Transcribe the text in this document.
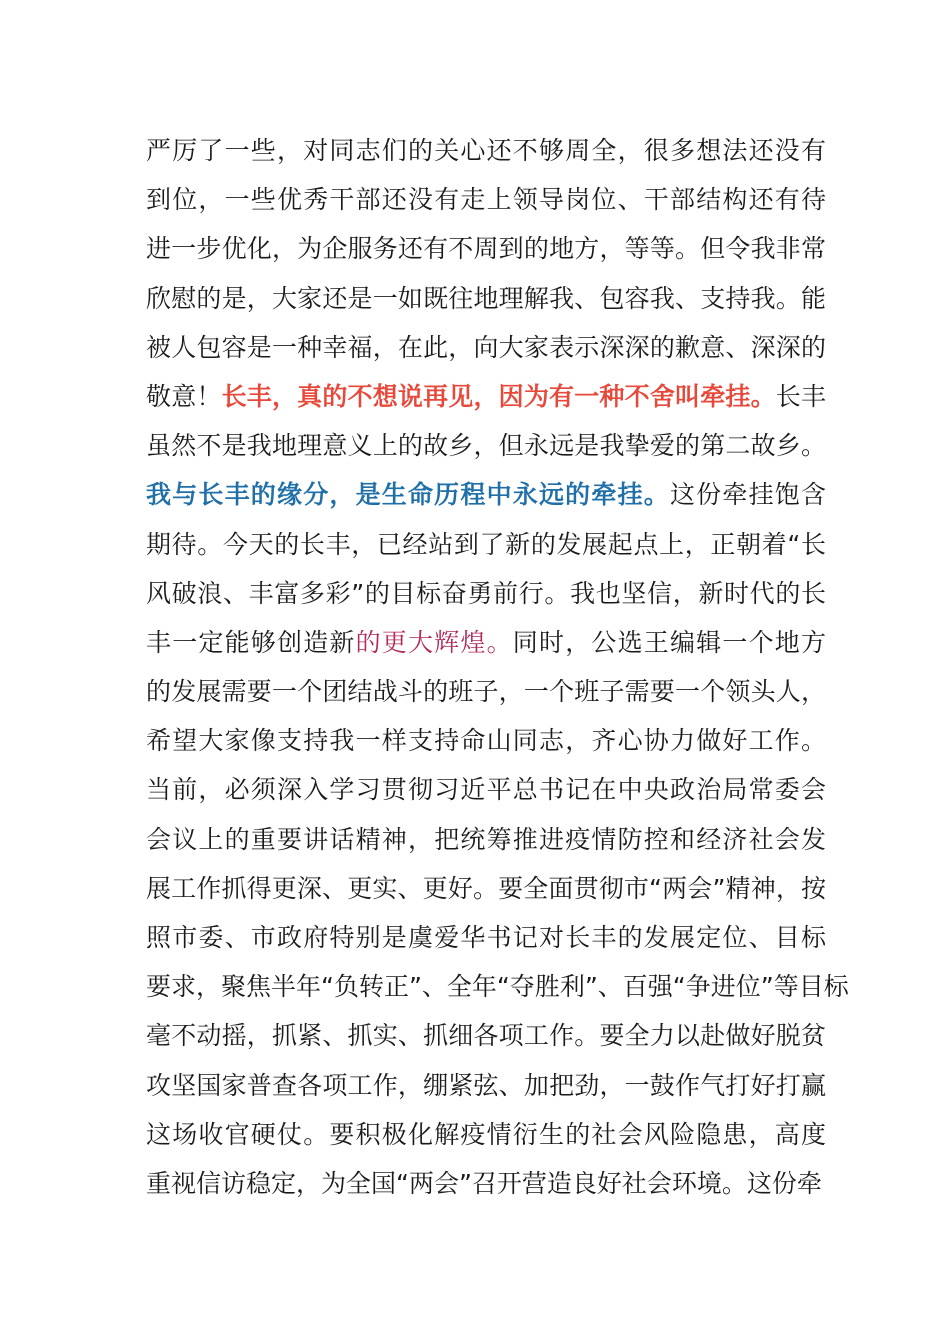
严厉了一些，对同志们的关心还不够周全，很多想法还没有
到位，一些优秀干部还没有走上领导岗位、干部结构还有待
进一步优化，为企服务还有不周到的地方，等等。但令我非常
欣慰的是，大家还是一如既往地理解我、包容我、支持我。能
被人包容是一种幸福，在此，向大家表示深深的歉意、深深的
敬意！长丰，真的不想说再见，因为有一种不舍叫牵挂。长丰
虽然不是我地理意义上的故乡，但永远是我挚爱的第二故乡。
我与长丰的缘分，是生命历程中永远的牵挂。这份牵挂饱含
期待。今天的长丰，已经站到了新的发展起点上，正朝着“长
风破浪、丰富多彩”的目标奋勇前行。我也坚信，新时代的长
丰一定能够创造新的更大辉煌。同时，公选王编辑一个地方
的发展需要一个团结战斗的班子，一个班子需要一个领头人，
希望大家像支持我一样支持命山同志，齐心协力做好工作。
当前，必须深入学习贯彻习近平总书记在中央政治局常委会
会议上的重要讲话精神，把统筹推进疫情防控和经济社会发
展工作抓得更深、更实、更好。要全面贯彻市“两会”精神，按
照市委、市政府特别是虞爱华书记对长丰的发展定位、目标
要求，聚焦半年“负转正”、全年“夺胜利”、百强“争进位”等目标
毫不动摇，抓紧、抓实、抓细各项工作。要全力以赴做好脱贫
攻坚国家普查各项工作，绷紧弦、加把劲，一鼓作气打好打赢
这场收官硬仗。要积极化解疫情衍生的社会风险隐患，高度
重视信访稳定，为全国“两会”召开营造良好社会环境。这份牵
